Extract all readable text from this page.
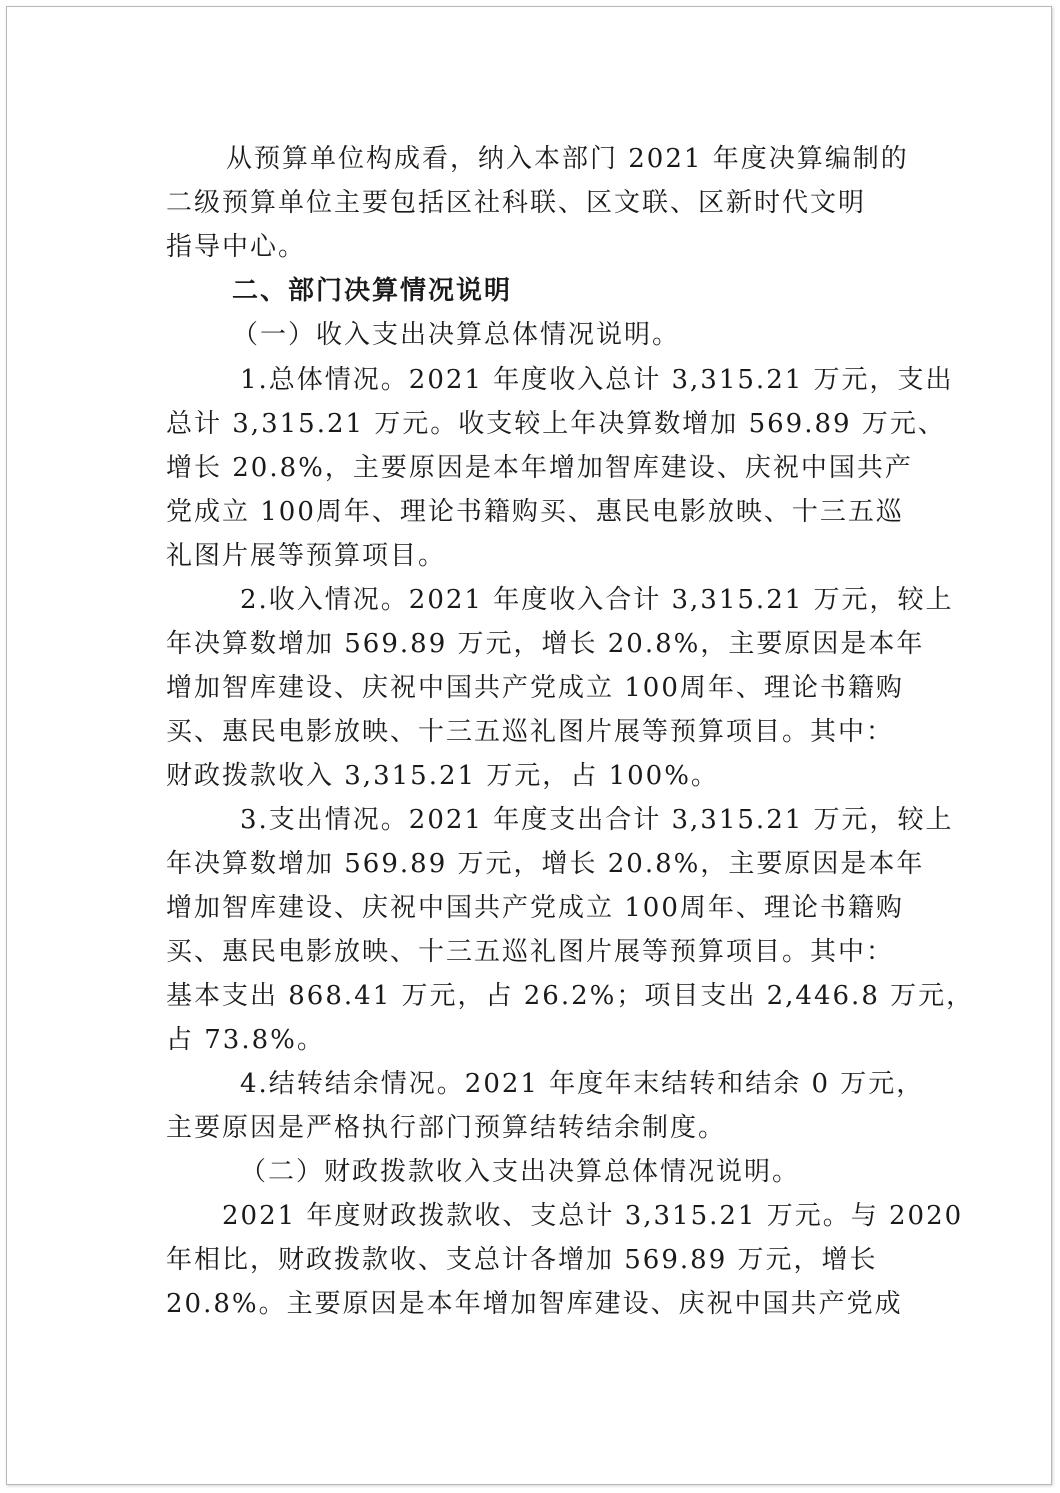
从预算单位构成看，纳入本部门 2021 年度决算编制的
二级预算单位主要包括区社科联、区文联、区新时代文明
指导中心。
二、部门决算情况说明
（一）收入支出决算总体情况说明。
1.总体情况。2021 年度收入总计 3,315.21 万元，支出
总计 3,315.21 万元。收支较上年决算数增加 569.89 万元、
增长 20.8%，主要原因是本年增加智库建设、庆祝中国共产
党成立 100周年、理论书籍购买、惠民电影放映、十三五巡
礼图片展等预算项目。
2.收入情况。2021 年度收入合计 3,315.21 万元，较上
年决算数增加 569.89 万元，增长 20.8%，主要原因是本年
增加智库建设、庆祝中国共产党成立 100周年、理论书籍购
买、惠民电影放映、十三五巡礼图片展等预算项目。其中：
财政拨款收入 3,315.21 万元，占 100%。
3.支出情况。2021 年度支出合计 3,315.21 万元，较上
年决算数增加 569.89 万元，增长 20.8%，主要原因是本年
增加智库建设、庆祝中国共产党成立 100周年、理论书籍购
买、惠民电影放映、十三五巡礼图片展等预算项目。其中：
基本支出 868.41 万元，占 26.2%；项目支出 2,446.8 万元，
占 73.8%。
4.结转结余情况。2021 年度年末结转和结余 0 万元，
主要原因是严格执行部门预算结转结余制度。
（二）财政拨款收入支出决算总体情况说明。
2021 年度财政拨款收、支总计 3,315.21 万元。与 2020
年相比，财政拨款收、支总计各增加 569.89 万元，增长
20.8%。主要原因是本年增加智库建设、庆祝中国共产党成
